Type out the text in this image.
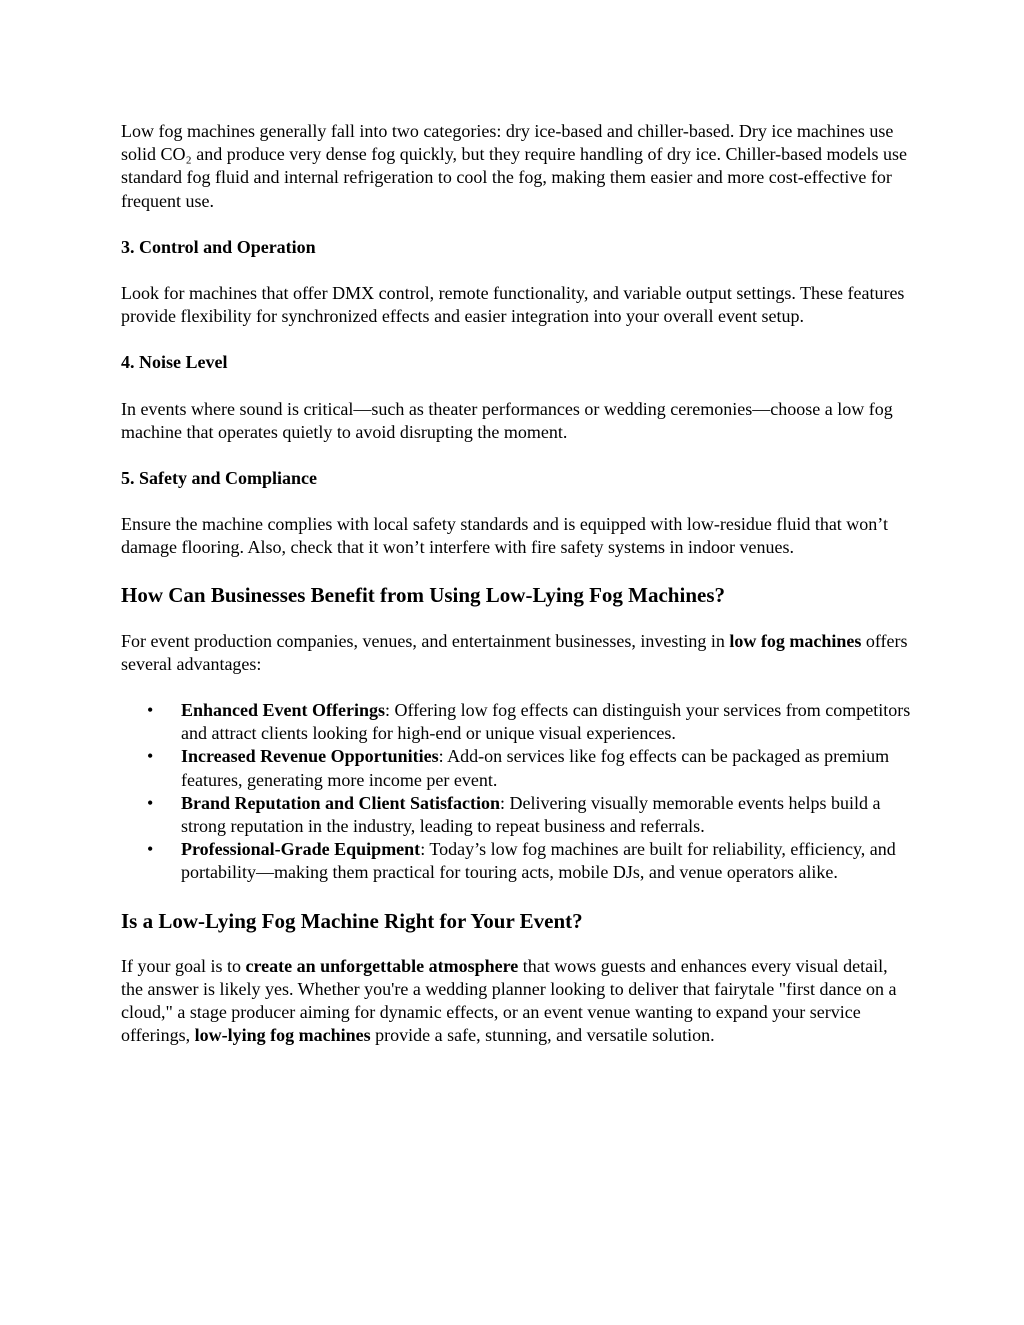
Low fog machines generally fall into two categories: dry ice-based and chiller-based. Dry ice machines use solid CO₂ and produce very dense fog quickly, but they require handling of dry ice. Chiller-based models use standard fog fluid and internal refrigeration to cool the fog, making them easier and more cost-effective for frequent use.

3. Control and Operation

Look for machines that offer DMX control, remote functionality, and variable output settings. These features provide flexibility for synchronized effects and easier integration into your overall event setup.

4. Noise Level

In events where sound is critical—such as theater performances or wedding ceremonies—choose a low fog machine that operates quietly to avoid disrupting the moment.

5. Safety and Compliance

Ensure the machine complies with local safety standards and is equipped with low-residue fluid that won’t damage flooring. Also, check that it won’t interfere with fire safety systems in indoor venues.

How Can Businesses Benefit from Using Low-Lying Fog Machines?

For event production companies, venues, and entertainment businesses, investing in low fog machines offers several advantages:

• Enhanced Event Offerings: Offering low fog effects can distinguish your services from competitors and attract clients looking for high-end or unique visual experiences.
• Increased Revenue Opportunities: Add-on services like fog effects can be packaged as premium features, generating more income per event.
• Brand Reputation and Client Satisfaction: Delivering visually memorable events helps build a strong reputation in the industry, leading to repeat business and referrals.
• Professional-Grade Equipment: Today’s low fog machines are built for reliability, efficiency, and portability—making them practical for touring acts, mobile DJs, and venue operators alike.

Is a Low-Lying Fog Machine Right for Your Event?

If your goal is to create an unforgettable atmosphere that wows guests and enhances every visual detail, the answer is likely yes. Whether you're a wedding planner looking to deliver that fairytale "first dance on a cloud," a stage producer aiming for dynamic effects, or an event venue wanting to expand your service offerings, low-lying fog machines provide a safe, stunning, and versatile solution.
